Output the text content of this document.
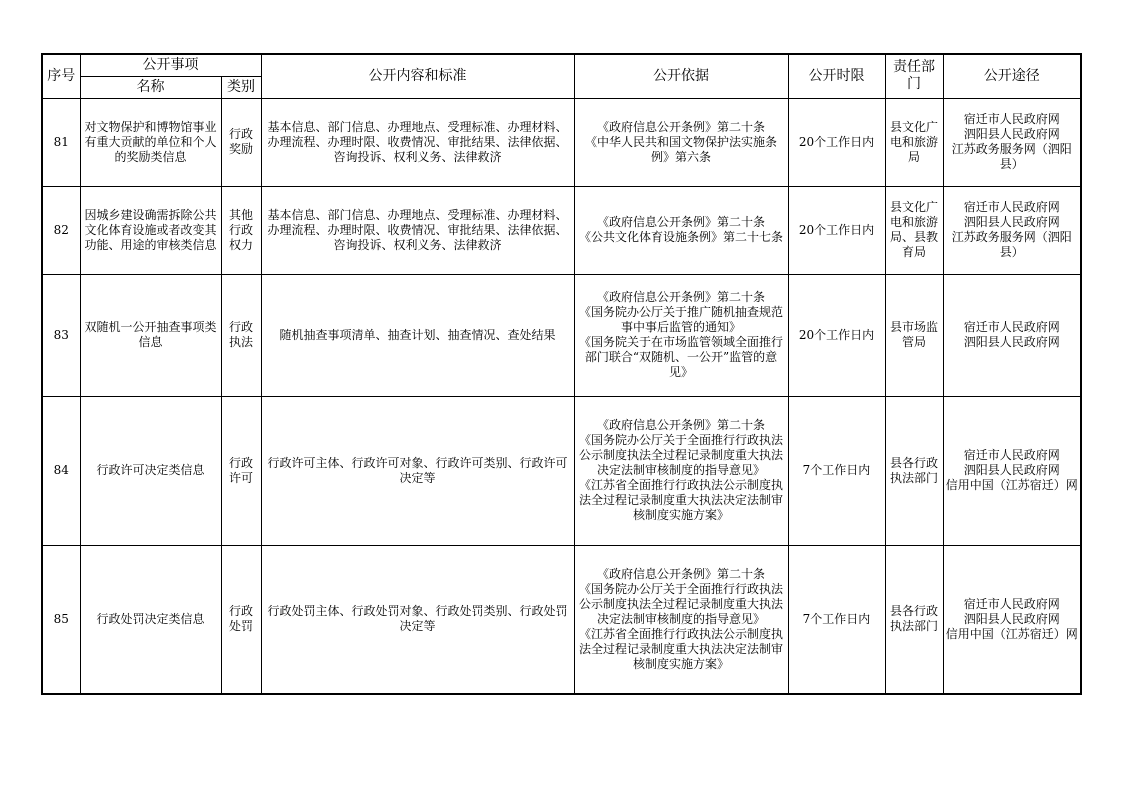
序号	公开事项		公开内容和标准	公开依据	公开时限	责任部门	公开途径
	名称	类别					
81	对文物保护和博物馆事业有重大贡献的单位和个人的奖励类信息	行政奖励	基本信息、部门信息、办理地点、受理标准、办理材料、办理流程、办理时限、收费情况、审批结果、法律依据、咨询投诉、权利义务、法律救济	《政府信息公开条例》第二十条
《中华人民共和国文物保护法实施条例》第六条	20个工作日内	县文化广电和旅游局	宿迁市人民政府网
泗阳县人民政府网
江苏政务服务网（泗阳县）

82	因城乡建设确需拆除公共文化体育设施或者改变其功能、用途的审核类信息	其他行政权力	基本信息、部门信息、办理地点、受理标准、办理材料、办理流程、办理时限、收费情况、审批结果、法律依据、咨询投诉、权利义务、法律救济	《政府信息公开条例》第二十条
《公共文化体育设施条例》第二十七条	20个工作日内	县文化广电和旅游局、县教育局	宿迁市人民政府网
泗阳县人民政府网
江苏政务服务网（泗阳县）

83	双随机一公开抽查事项类信息	行政执法	随机抽查事项清单、抽查计划、抽查情况、查处结果	《政府信息公开条例》第二十条
《国务院办公厅关于推广随机抽查规范事中事后监管的通知》
《国务院关于在市场监管领域全面推行部门联合“双随机、一公开”监管的意见》	20个工作日内	县市场监管局	宿迁市人民政府网
泗阳县人民政府网

84	行政许可决定类信息	行政许可	行政许可主体、行政许可对象、行政许可类别、行政许可决定等	《政府信息公开条例》第二十条
《国务院办公厅关于全面推行行政执法公示制度执法全过程记录制度重大执法决定法制审核制度的指导意见》
《江苏省全面推行行政执法公示制度执法全过程记录制度重大执法决定法制审核制度实施方案》	7个工作日内	县各行政执法部门	宿迁市人民政府网
泗阳县人民政府网
信用中国（江苏宿迁）网

85	行政处罚决定类信息	行政处罚	行政处罚主体、行政处罚对象、行政处罚类别、行政处罚决定等	《政府信息公开条例》第二十条
《国务院办公厅关于全面推行行政执法公示制度执法全过程记录制度重大执法决定法制审核制度的指导意见》
《江苏省全面推行行政执法公示制度执法全过程记录制度重大执法决定法制审核制度实施方案》	7个工作日内	县各行政执法部门	宿迁市人民政府网
泗阳县人民政府网
信用中国（江苏宿迁）网
